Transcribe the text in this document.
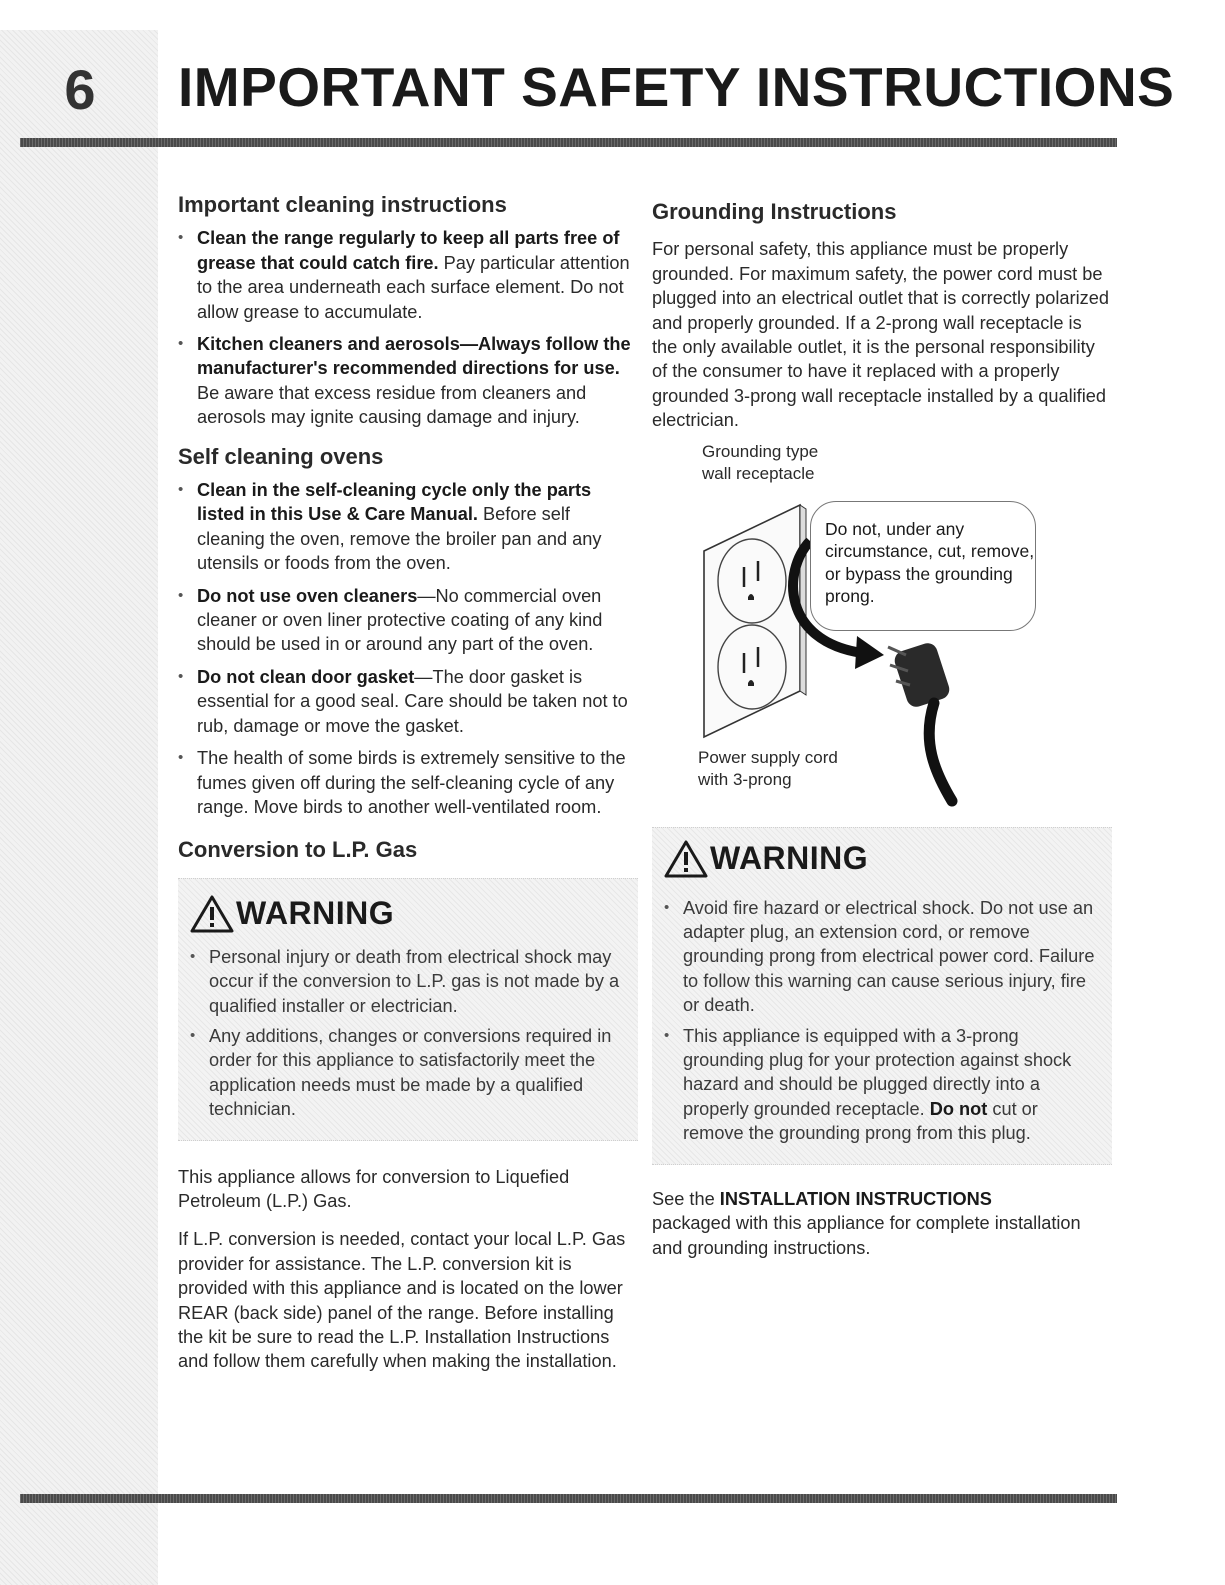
6 IMPORTANT SAFETY INSTRUCTIONS
Important cleaning instructions
• Clean the range regularly to keep all parts free of grease that could catch fire. Pay particular attention to the area underneath each surface element. Do not allow grease to accumulate.
• Kitchen cleaners and aerosols—Always follow the manufacturer's recommended directions for use. Be aware that excess residue from cleaners and aerosols may ignite causing damage and injury.
Self cleaning ovens
• Clean in the self-cleaning cycle only the parts listed in this Use & Care Manual. Before self cleaning the oven, remove the broiler pan and any utensils or foods from the oven.
• Do not use oven cleaners—No commercial oven cleaner or oven liner protective coating of any kind should be used in or around any part of the oven.
• Do not clean door gasket—The door gasket is essential for a good seal. Care should be taken not to rub, damage or move the gasket.
• The health of some birds is extremely sensitive to the fumes given off during the self-cleaning cycle of any range. Move birds to another well-ventilated room.
Conversion to L.P. Gas
WARNING
• Personal injury or death from electrical shock may occur if the conversion to L.P. gas is not made by a qualified installer or electrician.
• Any additions, changes or conversions required in order for this appliance to satisfactorily meet the application needs must be made by a qualified technician.

This appliance allows for conversion to Liquefied Petroleum (L.P.) Gas.

If L.P. conversion is needed, contact your local L.P. Gas provider for assistance. The L.P. conversion kit is provided with this appliance and is located on the lower REAR (back side) panel of the range. Before installing the kit be sure to read the L.P. Installation Instructions and follow them carefully when making the installation.

Grounding Instructions

For personal safety, this appliance must be properly grounded. For maximum safety, the power cord must be plugged into an electrical outlet that is correctly polarized and properly grounded. If a 2-prong wall receptacle is the only available outlet, it is the personal responsibility of the consumer to have it replaced with a properly grounded 3-prong wall receptacle installed by a qualified electrician.

Grounding type
wall receptacle
Do not, under any circumstance, cut, remove, or bypass the grounding prong.
Power supply cord
with 3-prong
WARNING
• Avoid fire hazard or electrical shock. Do not use an adapter plug, an extension cord, or remove grounding prong from electrical power cord. Failure to follow this warning can cause serious injury, fire or death.
• This appliance is equipped with a 3-prong grounding plug for your protection against shock hazard and should be plugged directly into a properly grounded receptacle. Do not cut or remove the grounding prong from this plug.

See the INSTALLATION INSTRUCTIONS
packaged with this appliance for complete installation and grounding instructions.
